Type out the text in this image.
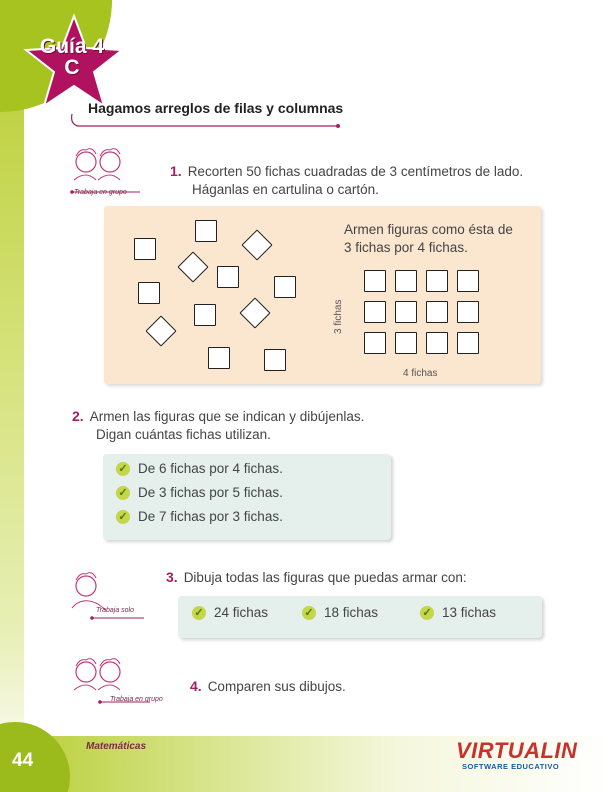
Guía 4
C
Hagamos arreglos de filas y columnas
Trabaja en grupo
1. Recorten 50 fichas cuadradas de 3 centímetros de lado.
Háganlas en cartulina o cartón.
Armen figuras como ésta de
3 fichas por 4 fichas.
3 fichas
4 fichas
2. Armen las figuras que se indican y dibújenlas.
Digan cuántas fichas utilizan.
✓ De 6 fichas por 4 fichas.
✓ De 3 fichas por 5 fichas.
✓ De 7 fichas por 3 fichas.
Trabaja solo
3. Dibuja todas las figuras que puedas armar con:
✓ 24 fichas	✓ 18 fichas	✓ 13 fichas
Trabaja en grupo
4. Comparen sus dibujos.
44
Matemáticas	VIRTUALIN
SOFTWARE EDUCATIVO
